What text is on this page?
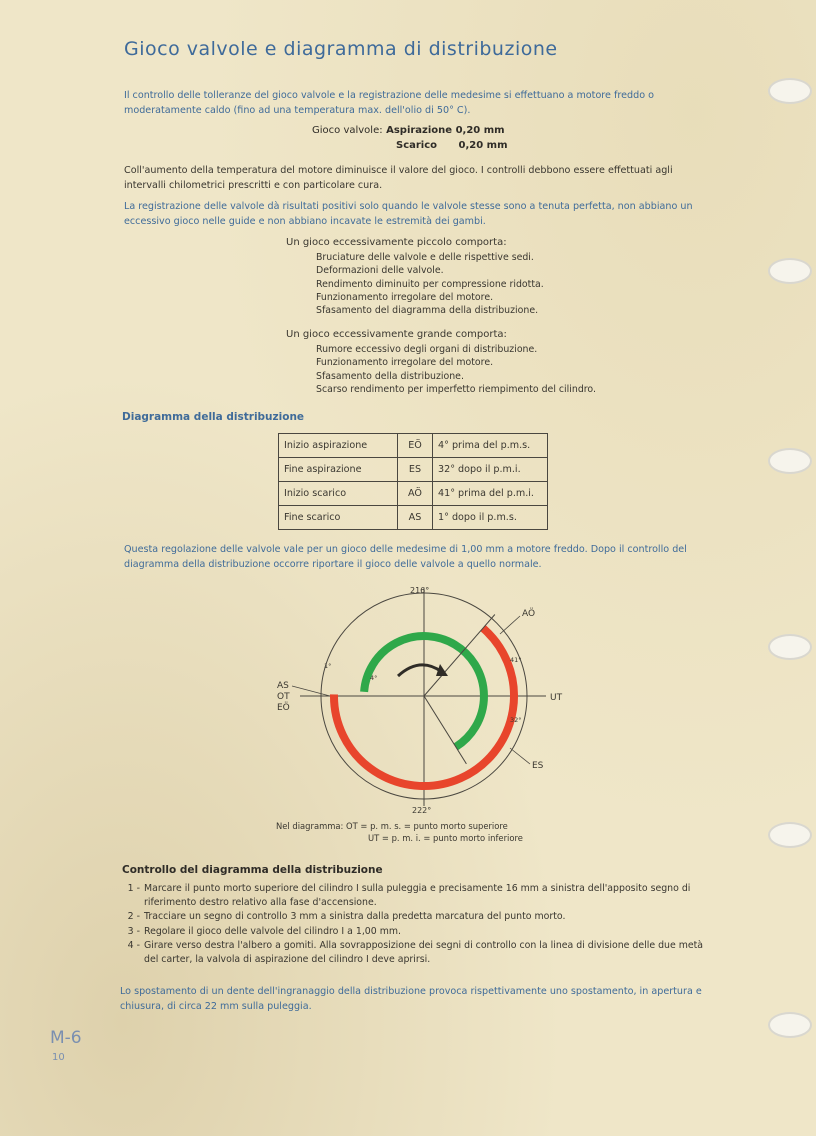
Gioco valvole e diagramma di distribuzione
Il controllo delle tolleranze del gioco valvole e la registrazione delle medesime si effettuano a motore freddo o moderatamente caldo (fino ad una temperatura max. dell'olio di 50° C).
Gioco valvole: Aspirazione 0,20 mm
Scarico 0,20 mm
Coll'aumento della temperatura del motore diminuisce il valore del gioco. I controlli debbono essere effettuati agli intervalli chilometrici prescritti e con particolare cura.
La registrazione delle valvole dà risultati positivi solo quando le valvole stesse sono a tenuta perfetta, non abbiano un eccessivo gioco nelle guide e non abbiano incavate le estremità dei gambi.
Un gioco eccessivamente piccolo comporta:
Bruciature delle valvole e delle rispettive sedi.
Deformazioni delle valvole.
Rendimento diminuito per compressione ridotta.
Funzionamento irregolare del motore.
Sfasamento del diagramma della distribuzione.
Un gioco eccessivamente grande comporta:
Rumore eccessivo degli organi di distribuzione.
Funzionamento irregolare del motore.
Sfasamento della distribuzione.
Scarso rendimento per imperfetto riempimento del cilindro.
Diagramma della distribuzione
Inizio aspirazione	EÖ	4° prima del p.m.s.
Fine aspirazione	ES	32° dopo il p.m.i.
Inizio scarico	AÖ	41° prima del p.m.i.
Fine scarico	AS	1° dopo il p.m.s.
Questa regolazione delle valvole vale per un gioco delle medesime di 1,00 mm a motore freddo. Dopo il controllo del diagramma della distribuzione occorre riportare il gioco delle valvole a quello normale.
216°
222°
AÖ
UT
ES
AS
OT
EÖ
1°
4°
41°
32°
Nel diagramma: OT = p. m. s. = punto morto superiore
UT = p. m. i. = punto morto inferiore
Controllo del diagramma della distribuzione
1 - Marcare il punto morto superiore del cilindro I sulla puleggia e precisamente 16 mm a sinistra dell'apposito segno di riferimento destro relativo alla fase d'accensione.
2 - Tracciare un segno di controllo 3 mm a sinistra dalla predetta marcatura del punto morto.
3 - Regolare il gioco delle valvole del cilindro I a 1,00 mm.
4 - Girare verso destra l'albero a gomiti. Alla sovrapposizione dei segni di controllo con la linea di divisione delle due metà del carter, la valvola di aspirazione del cilindro I deve aprirsi.
Lo spostamento di un dente dell'ingranaggio della distribuzione provoca rispettivamente uno spostamento, in apertura e chiusura, di circa 22 mm sulla puleggia.
M-6
10
